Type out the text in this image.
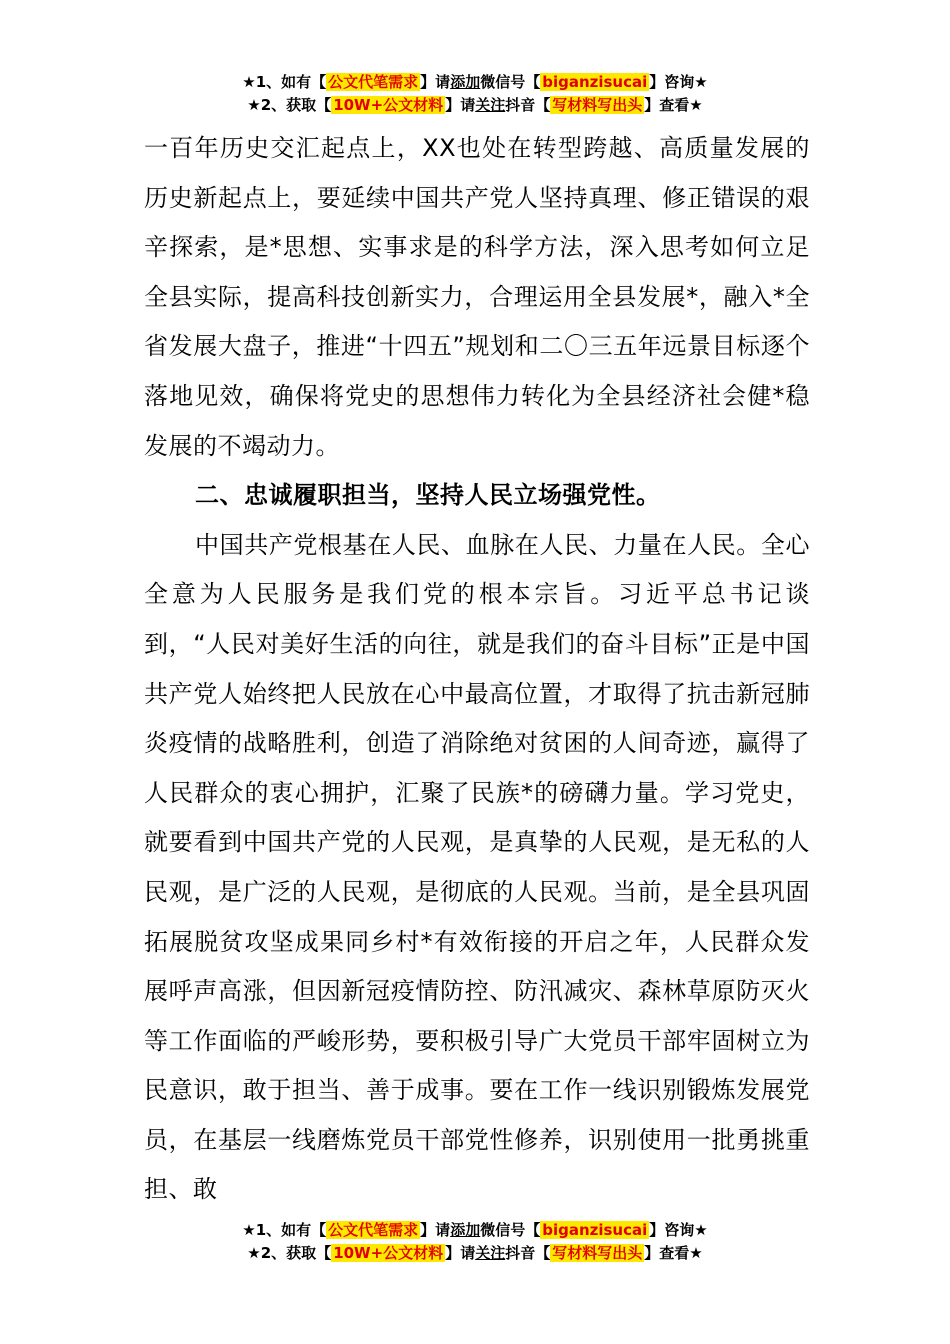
★1、如有【 公文代笔需求 】请添加微信号【 biganzisucai 】咨询★
★2、获取【 10W+公文材料 】请关注抖音【 写材料写出头 】查看★

一百年历史交汇起点上，XX也处在转型跨越、高质量发展的历史新起点上，要延续中国共产党人坚持真理、修正错误的艰辛探索，是*思想、实事求是的科学方法，深入思考如何立足全县实际，提高科技创新实力，合理运用全县发展*，融入*全省发展大盘子，推进“十四五”规划和二〇三五年远景目标逐个落地见效，确保将党史的思想伟力转化为全县经济社会健*稳发展的不竭动力。

二、忠诚履职担当，坚持人民立场强党性。

中国共产党根基在人民、血脉在人民、力量在人民。全心全意为人民服务是我们党的根本宗旨。习近平总书记谈到，“人民对美好生活的向往，就是我们的奋斗目标”正是中国共产党人始终把人民放在心中最高位置，才取得了抗击新冠肺炎疫情的战略胜利，创造了消除绝对贫困的人间奇迹，赢得了人民群众的衷心拥护，汇聚了民族*的磅礴力量。学习党史，就要看到中国共产党的人民观，是真挚的人民观，是无私的人民观，是广泛的人民观，是彻底的人民观。当前，是全县巩固拓展脱贫攻坚成果同乡村*有效衔接的开启之年，人民群众发展呼声高涨，但因新冠疫情防控、防汛减灾、森林草原防灭火等工作面临的严峻形势，要积极引导广大党员干部牢固树立为民意识，敢于担当、善于成事。要在工作一线识别锻炼发展党员，在基层一线磨炼党员干部党性修养，识别使用一批勇挑重担、敢

★1、如有【 公文代笔需求 】请添加微信号【 biganzisucai 】咨询★
★2、获取【 10W+公文材料 】请关注抖音【 写材料写出头 】查看★
